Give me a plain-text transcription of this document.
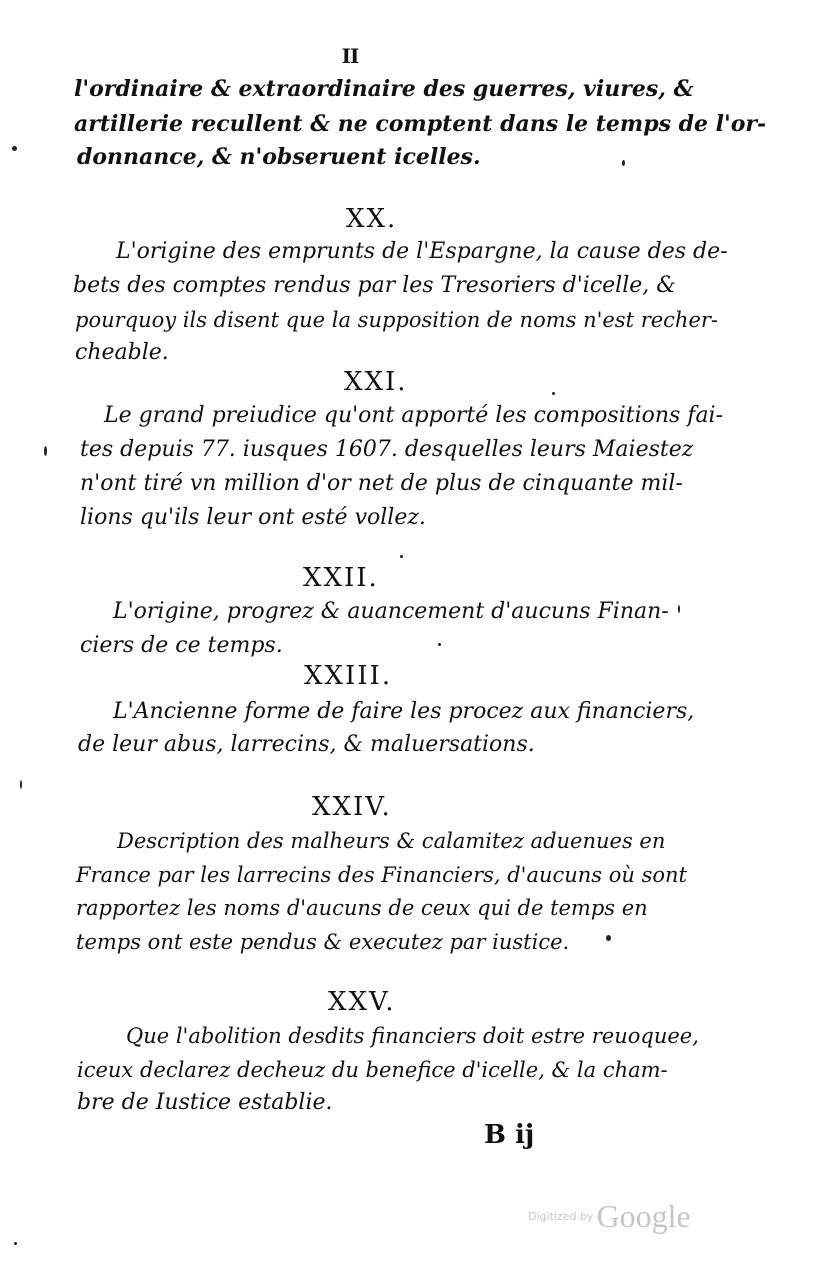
II
l'ordinaire & extraordinaire des guerres, viures, &
artillerie recullent & ne comptent dans le temps de l'or-
donnance, & n'obseruent icelles.
XX.
L'origine des emprunts de l'Espargne, la cause des de-
bets des comptes rendus par les Tresoriers d'icelle, &
pourquoy ils disent que la supposition de noms n'est recher-
cheable.
XXI.
Le grand preiudice qu'ont apporté les compositions fai-
tes depuis 77. iusques 1607. desquelles leurs Maiestez
n'ont tiré vn million d'or net de plus de cinquante mil-
lions qu'ils leur ont esté vollez.
XXII.
L'origine, progrez & auancement d'aucuns Finan-
ciers de ce temps.
XXIII.
L'Ancienne forme de faire les procez aux financiers,
de leur abus, larrecins, & maluersations.
XXIV.
Description des malheurs & calamitez aduenues en
France par les larrecins des Financiers, d'aucuns où sont
rapportez les noms d'aucuns de ceux qui de temps en
temps ont este pendus & executez par iustice.
XXV.
Que l'abolition desdits financiers doit estre reuoquee,
iceux declarez decheuz du benefice d'icelle, & la cham-
bre de Iustice establie.
B ij
Digitized byGoogle
